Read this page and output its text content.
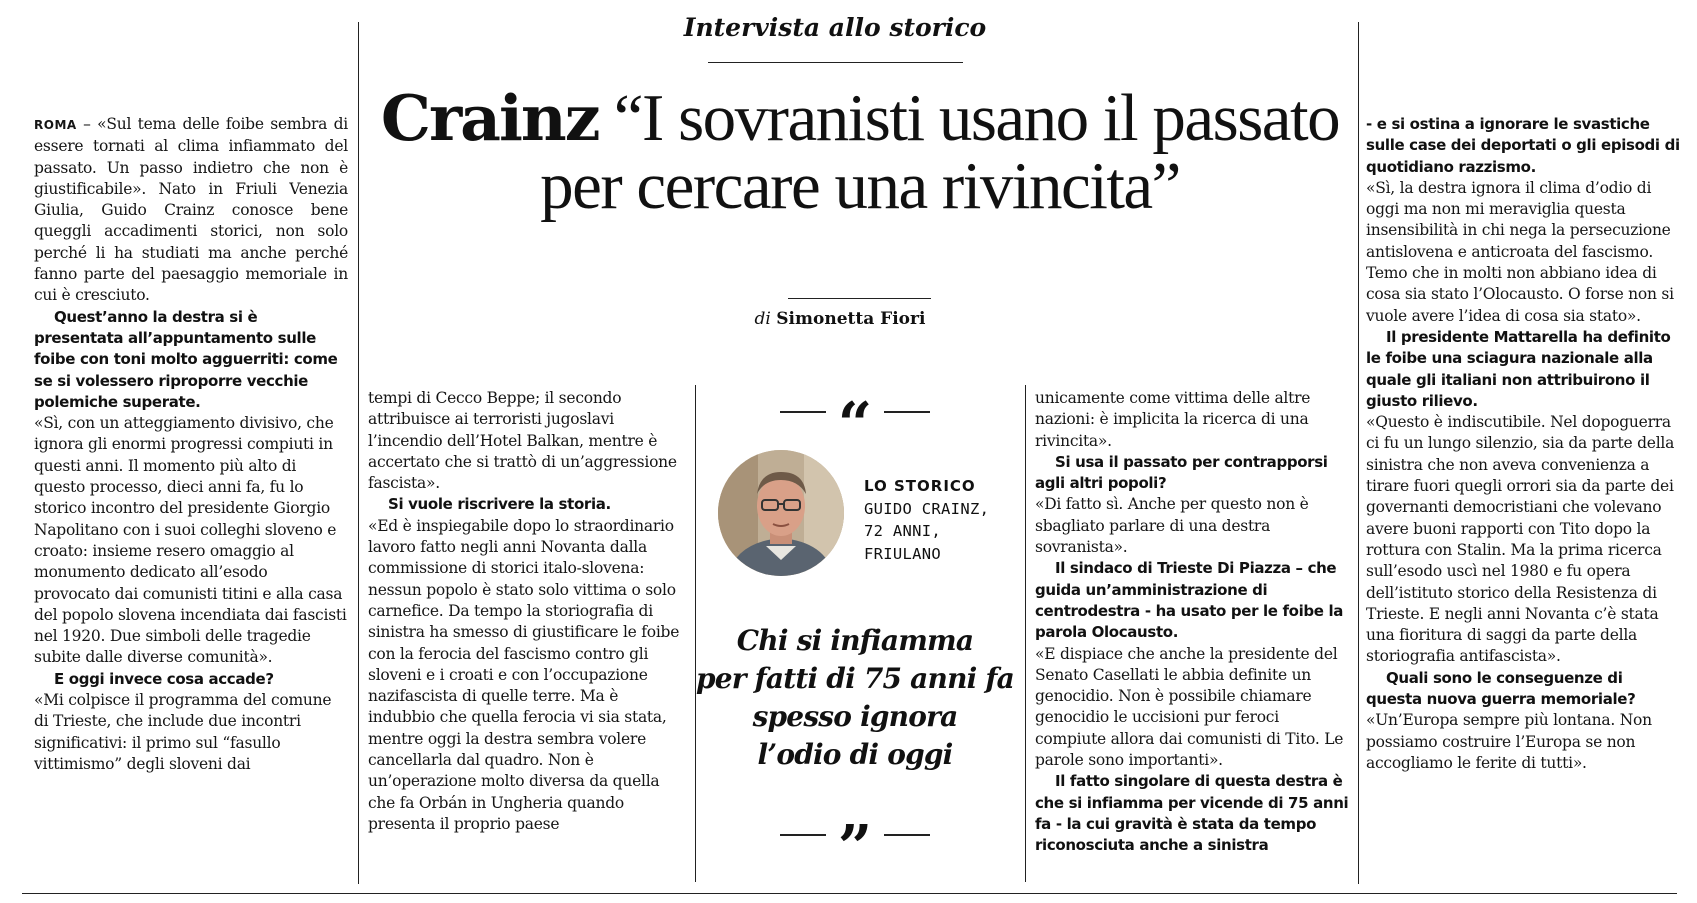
Intervista allo storico
Crainz “I sovranisti usano il passato
per cercare una rivincita”
di Simonetta Fiori

ROMA – «Sul tema delle foibe sembra di essere tornati al clima infiammato del passato. Un passo indietro che non è giustificabile». Nato in Friuli Venezia Giulia, Guido Crainz conosce bene queggli accadimenti storici, non solo perché li ha studiati ma anche perché fanno parte del paesaggio memoriale in cui è cresciuto.

Quest’anno la destra si è presentata all’appuntamento sulle foibe con toni molto agguerriti: come se si volessero riproporre vecchie polemiche superate.

«Sì, con un atteggiamento divisivo, che ignora gli enormi progressi compiuti in questi anni. Il momento più alto di questo processo, dieci anni fa, fu lo storico incontro del presidente Giorgio Napolitano con i suoi colleghi sloveno e croato: insieme resero omaggio al monumento dedicato all’esodo provocato dai comunisti titini e alla casa del popolo slovena incendiata dai fascisti nel 1920. Due simboli delle tragedie subite dalle diverse comunità».

E oggi invece cosa accade?

«Mi colpisce il programma del comune di Trieste, che include due incontri significativi: il primo sul “fasullo vittimismo” degli sloveni dai

tempi di Cecco Beppe; il secondo attribuisce ai terroristi jugoslavi l’incendio dell’Hotel Balkan, mentre è accertato che si trattò di un’aggressione fascista».

Si vuole riscrivere la storia.

«Ed è inspiegabile dopo lo straordinario lavoro fatto negli anni Novanta dalla commissione di storici italo-slovena: nessun popolo è stato solo vittima o solo carnefice. Da tempo la storiografia di sinistra ha smesso di giustificare le foibe con la ferocia del fascismo contro gli sloveni e i croati e con l’occupazione nazifascista di quelle terre. Ma è indubbio che quella ferocia vi sia stata, mentre oggi la destra sembra volere cancellarla dal quadro. Non è un’operazione molto diversa da quella che fa Orbán in Ungheria quando presenta il proprio paese

“
LO STORICO
GUIDO CRAINZ,
72 ANNI,
FRIULANO
Chi si infiamma
per fatti di 75 anni fa
spesso ignora
l’odio di oggi
”

unicamente come vittima delle altre nazioni: è implicita la ricerca di una rivincita».

Si usa il passato per contrapporsi agli altri popoli?

«Di fatto sì. Anche per questo non è sbagliato parlare di una destra sovranista».

Il sindaco di Trieste Di Piazza – che guida un’amministrazione di centrodestra - ha usato per le foibe la parola Olocausto.

«E dispiace che anche la presidente del Senato Casellati le abbia definite un genocidio. Non è possibile chiamare genocidio le uccisioni pur feroci compiute allora dai comunisti di Tito. Le parole sono importanti».

Il fatto singolare di questa destra è che si infiamma per vicende di 75 anni fa - la cui gravità è stata da tempo riconosciuta anche a sinistra

- e si ostina a ignorare le svastiche sulle case dei deportati o gli episodi di quotidiano razzismo.

«Sì, la destra ignora il clima d’odio di oggi ma non mi meraviglia questa insensibilità in chi nega la persecuzione antislovena e anticroata del fascismo. Temo che in molti non abbiano idea di cosa sia stato l’Olocausto. O forse non si vuole avere l’idea di cosa sia stato».

Il presidente Mattarella ha definito le foibe una sciagura nazionale alla quale gli italiani non attribuirono il giusto rilievo.

«Questo è indiscutibile. Nel dopoguerra ci fu un lungo silenzio, sia da parte della sinistra che non aveva convenienza a tirare fuori quegli orrori sia da parte dei governanti democristiani che volevano avere buoni rapporti con Tito dopo la rottura con Stalin. Ma la prima ricerca sull’esodo uscì nel 1980 e fu opera dell’istituto storico della Resistenza di Trieste. E negli anni Novanta c’è stata una fioritura di saggi da parte della storiografia antifascista».

Quali sono le conseguenze di questa nuova guerra memoriale?

«Un’Europa sempre più lontana. Non possiamo costruire l’Europa se non accogliamo le ferite di tutti».
